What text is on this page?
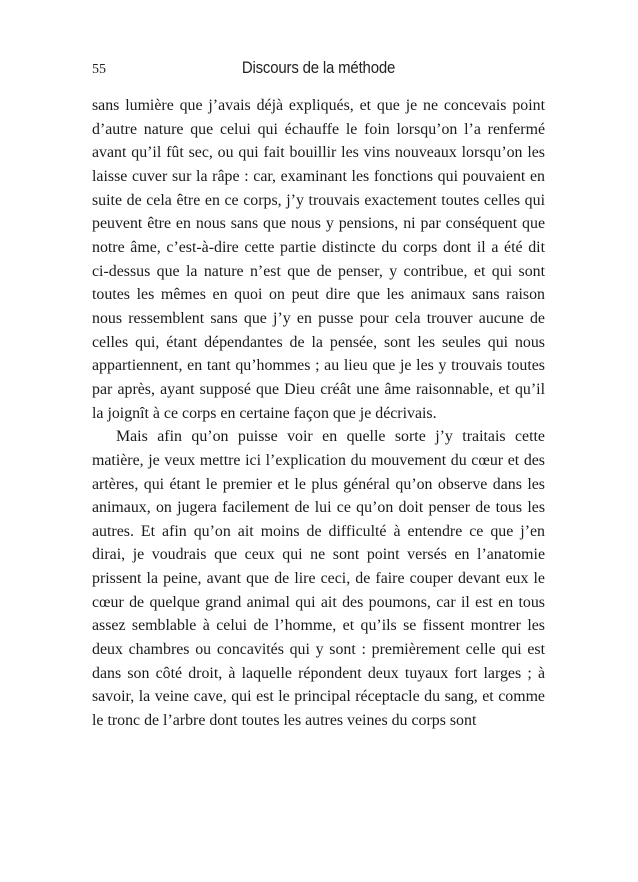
55	Discours de la méthode

sans lumière que j’avais déjà expliqués, et que je ne concevais point d’autre nature que celui qui échauffe le foin lorsqu’on l’a renfermé avant qu’il fût sec, ou qui fait bouillir les vins nouveaux lorsqu’on les laisse cuver sur la râpe : car, examinant les fonctions qui pouvaient en suite de cela être en ce corps, j’y trouvais exactement toutes celles qui peuvent être en nous sans que nous y pensions, ni par conséquent que notre âme, c’est-à-dire cette partie distincte du corps dont il a été dit ci-dessus que la nature n’est que de penser, y contribue, et qui sont toutes les mêmes en quoi on peut dire que les animaux sans raison nous ressemblent sans que j’y en pusse pour cela trouver aucune de celles qui, étant dépendantes de la pensée, sont les seules qui nous appartiennent, en tant qu’hommes ; au lieu que je les y trouvais toutes par après, ayant supposé que Dieu créât une âme raisonnable, et qu’il la joignît à ce corps en certaine façon que je décrivais.

Mais afin qu’on puisse voir en quelle sorte j’y traitais cette matière, je veux mettre ici l’explication du mouvement du cœur et des artères, qui étant le premier et le plus général qu’on observe dans les animaux, on jugera facilement de lui ce qu’on doit penser de tous les autres. Et afin qu’on ait moins de difficulté à entendre ce que j’en dirai, je voudrais que ceux qui ne sont point versés en l’anatomie prissent la peine, avant que de lire ceci, de faire couper devant eux le cœur de quelque grand animal qui ait des poumons, car il est en tous assez semblable à celui de l’homme, et qu’ils se fissent montrer les deux chambres ou concavités qui y sont : premièrement celle qui est dans son côté droit, à laquelle répondent deux tuyaux fort larges ; à savoir, la veine cave, qui est le principal réceptacle du sang, et comme le tronc de l’arbre dont toutes les autres veines du corps sont
